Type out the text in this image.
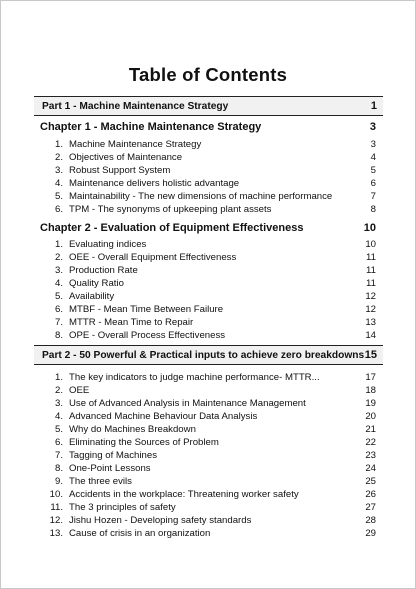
Table of Contents
Part 1 - Machine Maintenance Strategy	1
Chapter 1 - Machine Maintenance Strategy	3
1. Machine Maintenance Strategy	3
2. Objectives of Maintenance	4
3. Robust Support System	5
4. Maintenance delivers holistic advantage	6
5. Maintainability - The new dimensions of machine performance	7
6. TPM - The synonyms of upkeeping plant assets	8
Chapter 2 - Evaluation of Equipment Effectiveness	10
1. Evaluating indices	10
2. OEE - Overall Equipment Effectiveness	11
3. Production Rate	11
4. Quality Ratio	11
5. Availability	12
6. MTBF - Mean Time Between Failure	12
7. MTTR - Mean Time to Repair	13
8. OPE - Overall Process Effectiveness	14
Part 2 - 50 Powerful & Practical inputs to achieve zero breakdowns 15
1. The key indicators to judge machine performance- MTTR...	17
2. OEE	18
3. Use of Advanced Analysis in Maintenance Management	19
4. Advanced Machine Behaviour Data Analysis	20
5. Why do Machines Breakdown	21
6. Eliminating the Sources of Problem	22
7. Tagging of Machines	23
8. One-Point Lessons	24
9. The three evils	25
10. Accidents in the workplace: Threatening worker safety	26
11. The 3 principles of safety	27
12. Jishu Hozen - Developing safety standards	28
13. Cause of crisis in an organization	29
